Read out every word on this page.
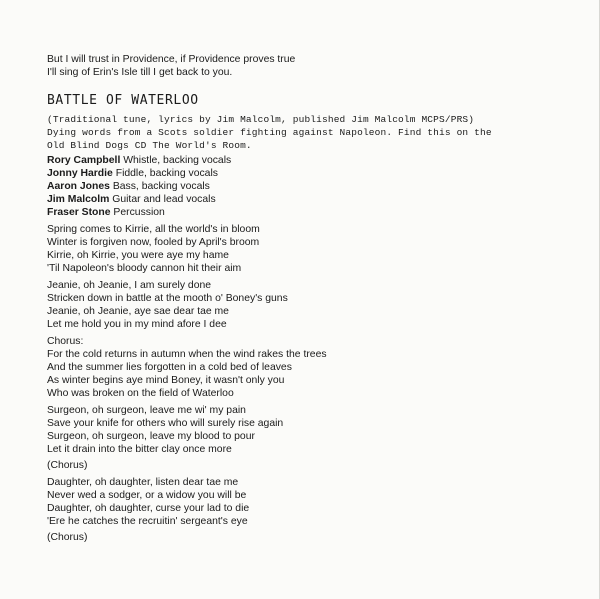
But I will trust in Providence, if Providence proves true
I'll sing of Erin's Isle till I get back to you.
BATTLE OF WATERLOO
(Traditional tune, lyrics by Jim Malcolm, published Jim Malcolm MCPS/PRS)
Dying words from a Scots soldier fighting against Napoleon. Find this on the
Old Blind Dogs CD The World's Room.
Rory Campbell Whistle, backing vocals
Jonny Hardie Fiddle, backing vocals
Aaron Jones Bass, backing vocals
Jim Malcolm Guitar and lead vocals
Fraser Stone Percussion
Spring comes to Kirrie, all the world's in bloom
Winter is forgiven now, fooled by April's broom
Kirrie, oh Kirrie, you were aye my hame
'Til Napoleon's bloody cannon hit their aim
Jeanie, oh Jeanie, I am surely done
Stricken down in battle at the mooth o' Boney's guns
Jeanie, oh Jeanie, aye sae dear tae me
Let me hold you in my mind afore I dee
Chorus:
For the cold returns in autumn when the wind rakes the trees
And the summer lies forgotten in a cold bed of leaves
As winter begins aye mind Boney, it wasn't only you
Who was broken on the field of Waterloo
Surgeon, oh surgeon, leave me wi' my pain
Save your knife for others who will surely rise again
Surgeon, oh surgeon, leave my blood to pour
Let it drain into the bitter clay once more
(Chorus)
Daughter, oh daughter, listen dear tae me
Never wed a sodger, or a widow you will be
Daughter, oh daughter, curse your lad to die
'Ere he catches the recruitin' sergeant's eye
(Chorus)
